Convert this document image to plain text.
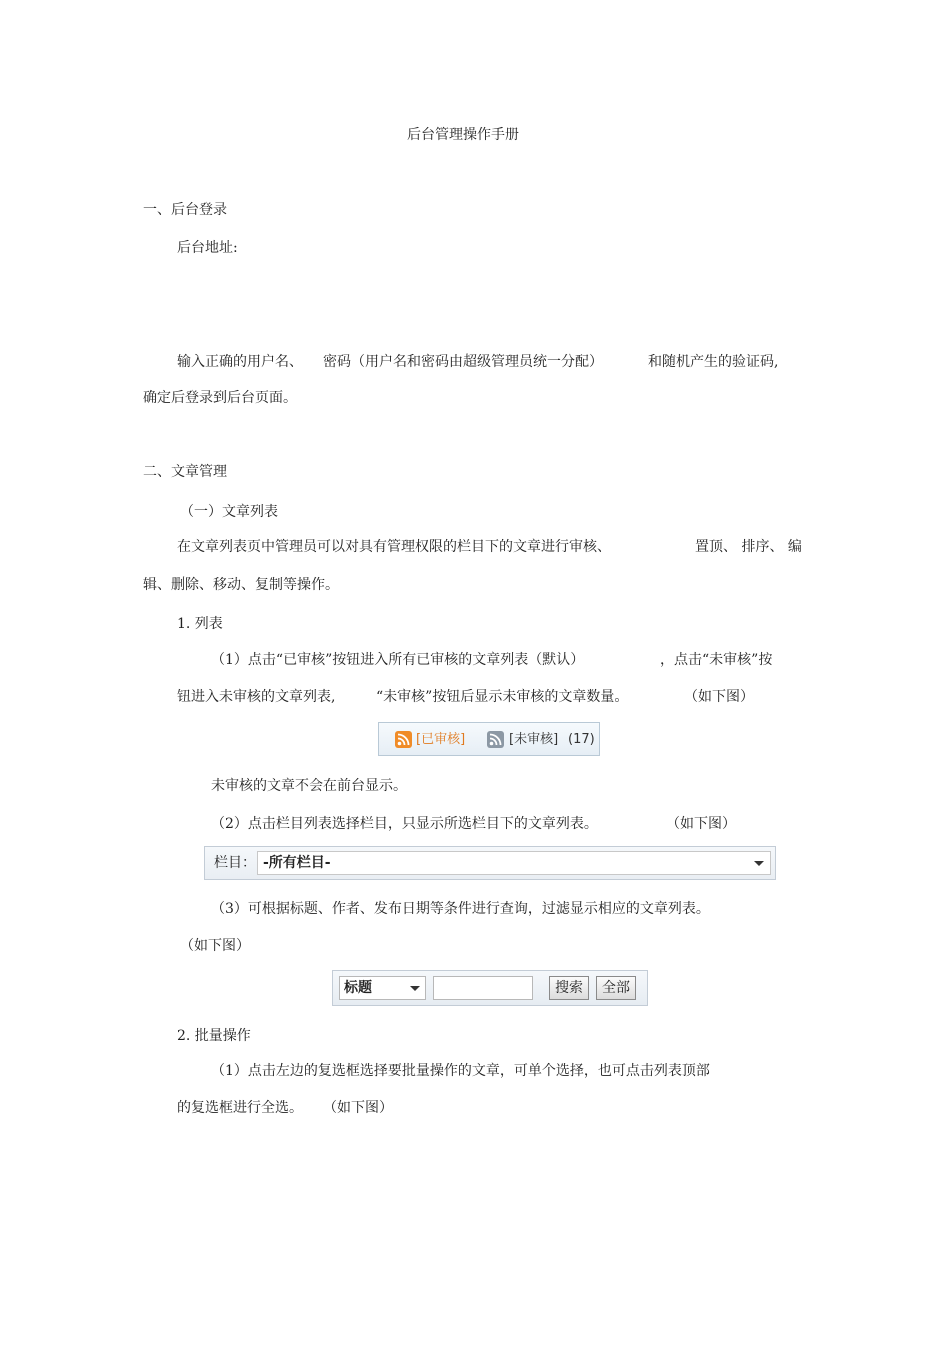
后台管理操作手册
一、后台登录
后台地址:
输入正确的用户名、 密码（用户名和密码由超级管理员统一分配）	和随机产生的验证码,
确定后登录到后台页面。
二、文章管理
（一）文章列表
在文章列表页中管理员可以对具有管理权限的栏目下的文章进行审核、	置顶、 排序、 编
辑、删除、移动、复制等操作。
1. 列表
（1）点击“已审核”按钮进入所有已审核的文章列表（默认）	，点击“未审核”按
钮进入未审核的文章列表,	“未审核”按钮后显示未审核的文章数量。	（如下图）
[已审核]	[未审核] (17)
未审核的文章不会在前台显示。
（2）点击栏目列表选择栏目，只显示所选栏目下的文章列表。	（如下图）
栏目： -所有栏目-
（3）可根据标题、作者、发布日期等条件进行查询，过滤显示相应的文章列表。
（如下图）
标题	搜索	全部
2. 批量操作
（1）点击左边的复选框选择要批量操作的文章，可单个选择，也可点击列表顶部
的复选框进行全选。 （如下图）
